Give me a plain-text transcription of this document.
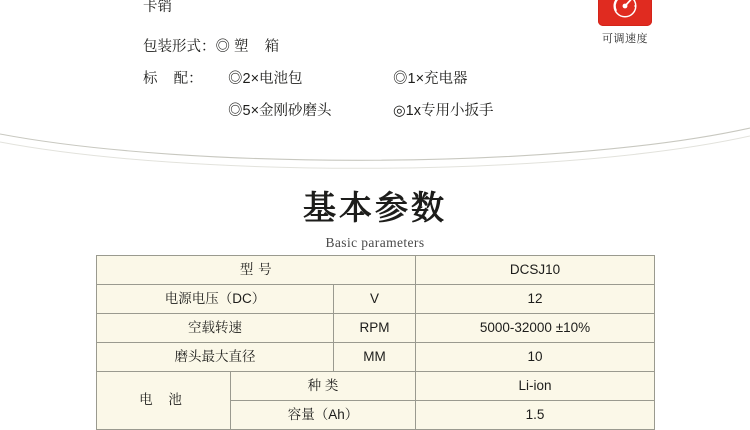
卡销
包装形式：◎ 塑    箱
标    配： ◎2×电池包	◎1×充电器
◎5×金刚砂磨头	◎1x专用小扳手
可调速度
基本参数
Basic parameters
型 号			DCSJ10
电源电压（DC）		V	12
空载转速		RPM	5000-32000 ±10%
磨头最大直径		MM	10
电 池	种 类		Li-ion
	容量（Ah）		1.5
